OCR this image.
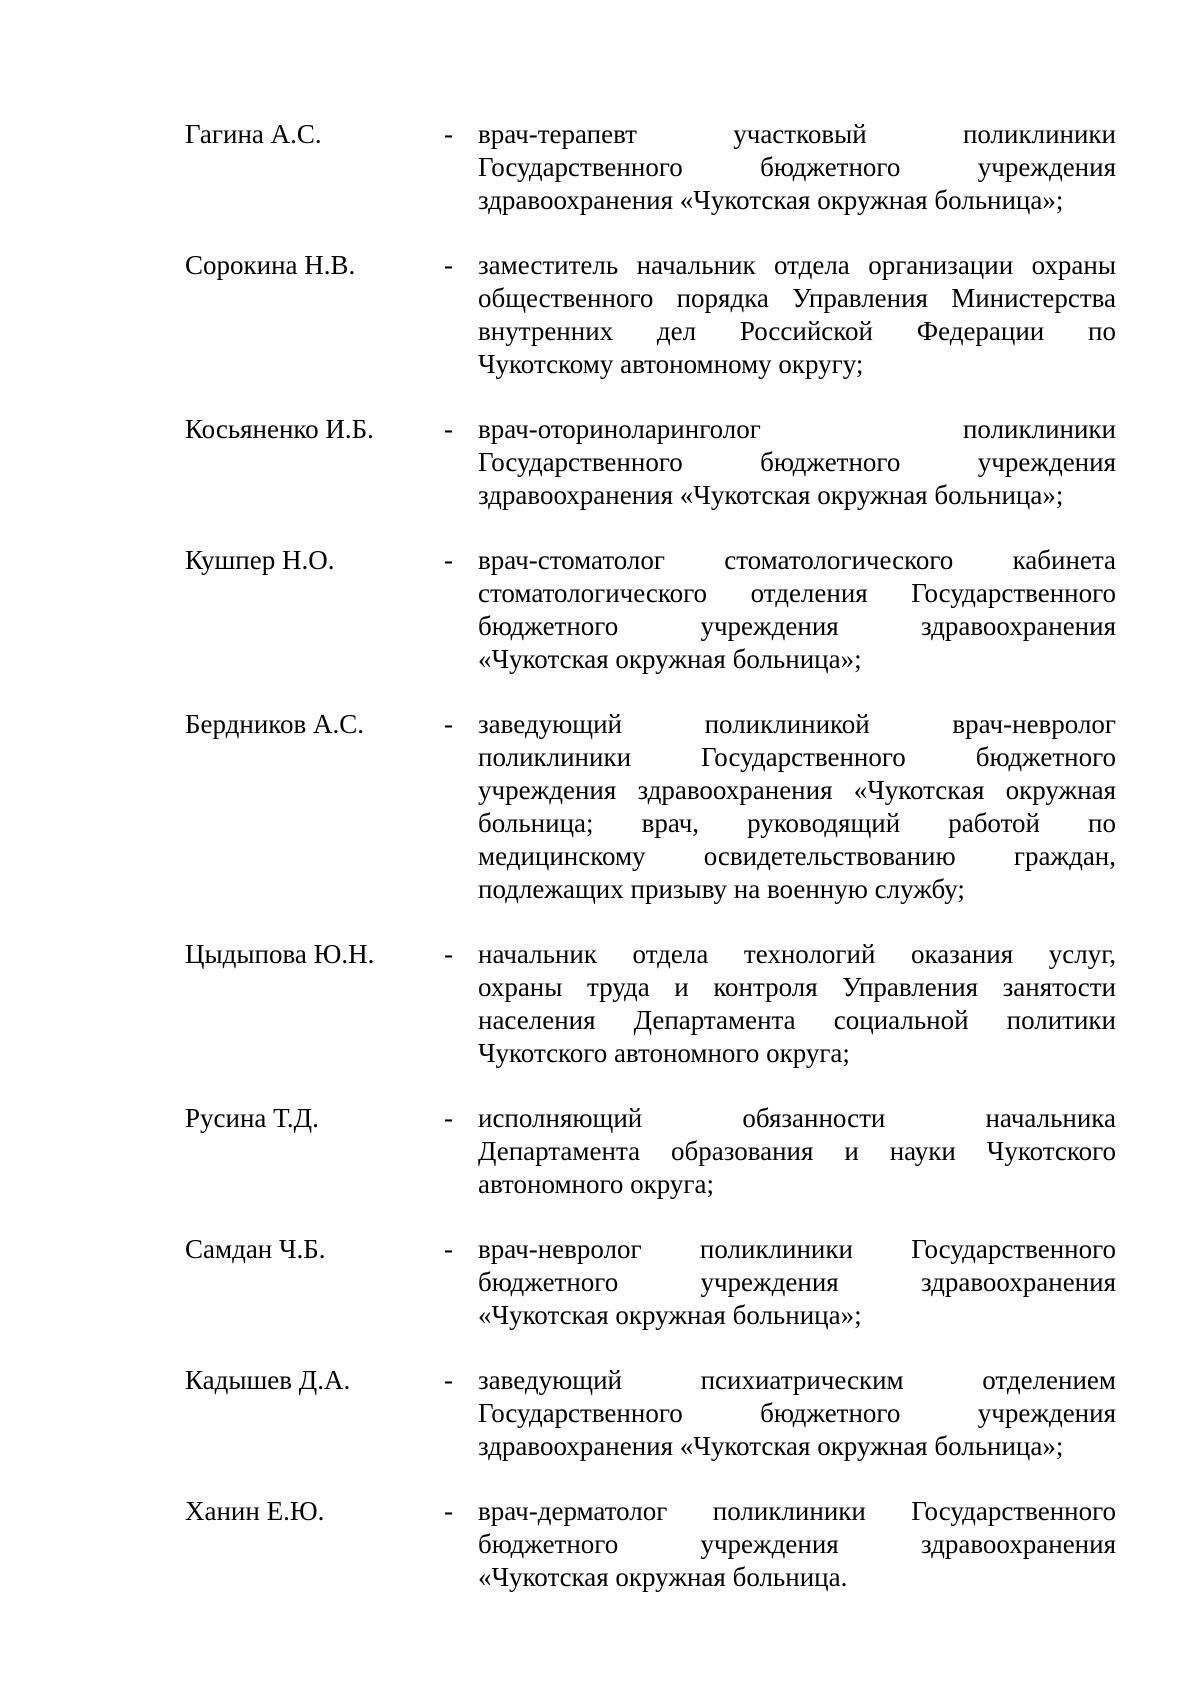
Гагина А.С.	- врач-терапевт участковый поликлиники
Государственного бюджетного учреждения
здравоохранения «Чукотская окружная больница»;
Сорокина Н.В.	- заместитель начальник отдела организации охраны
общественного порядка Управления Министерства
внутренних дел Российской Федерации по
Чукотскому автономному округу;
Косьяненко И.Б.	- врач-оториноларинголог поликлиники
Государственного бюджетного учреждения
здравоохранения «Чукотская окружная больница»;
Кушпер Н.О.	- врач-стоматолог стоматологического кабинета
стоматологического отделения Государственного
бюджетного учреждения здравоохранения
«Чукотская окружная больница»;
Бердников А.С.	- заведующий поликлиникой врач-невролог
поликлиники Государственного бюджетного
учреждения здравоохранения «Чукотская окружная
больница; врач, руководящий работой по
медицинскому освидетельствованию граждан,
подлежащих призыву на военную службу;
Цыдыпова Ю.Н.	- начальник отдела технологий оказания услуг,
охраны труда и контроля Управления занятости
населения Департамента социальной политики
Чукотского автономного округа;
Русина Т.Д.	- исполняющий обязанности начальника
Департамента образования и науки Чукотского
автономного округа;
Самдан Ч.Б.	- врач-невролог поликлиники Государственного
бюджетного учреждения здравоохранения
«Чукотская окружная больница»;
Кадышев Д.А.	- заведующий психиатрическим отделением
Государственного бюджетного учреждения
здравоохранения «Чукотская окружная больница»;
Ханин Е.Ю.	- врач-дерматолог поликлиники Государственного
бюджетного учреждения здравоохранения
«Чукотская окружная больница.
